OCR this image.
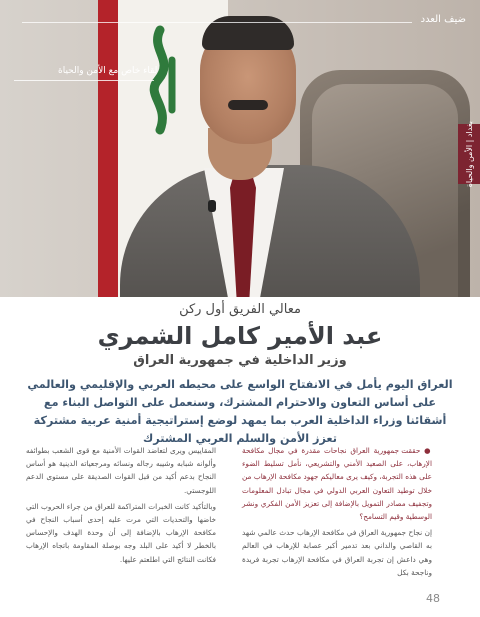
ضيف العدد
لقاء خاص مع الأمن والحياة
بغداد | الأمن والحياة
معالي الفريق أول ركن
عبد الأمير كامل الشمري
وزير الداخلية في جمهورية العراق
العراق اليوم يأمل في الانفتاح الواسع على محيطه العربي والإقليمي والعالمي على أساس التعاون والاحترام المشترك، وسنعمل على التواصل البناء مع أشقائنا وزراء الداخلية العرب بما يمهد لوضع إستراتيجية أمنية عربية مشتركة تعزز الأمن والسلم العربي المشترك

● حققت جمهورية العراق نجاحات مقدرة في مجال مكافحة الإرهاب، على الصعيد الأمني والتشريعي، نأمل تسليط الضوء على هذه التجربة، وكيف يرى معاليكم جهود مكافحة الإرهاب من خلال توطيد التعاون العربي الدولي في مجال تبادل المعلومات وتجفيف مصادر التمويل بالإضافة إلى تعزيز الأمن الفكري ونشر الوسطية وقيم التسامح؟

إن نجاح جمهورية العراق في مكافحة الإرهاب حدث عالمي شهد به القاصي والداني بعد تدمير أكبر عصابة للإرهاب في العالم وهي داعش إن تجربة العراق في مكافحة الإرهاب تجربة فريدة وناجحة بكل

المقاييس ويرى لتعاضد القوات الأمنية مع قوى الشعب بطوائفه وألوانه شبابه وشيبه رجاله ونسائه ومرجعياته الدينية هو أساس النجاح بدعم أكيد من قبل القوات الصديقة على مستوى الدعم اللوجستي.

وبالتأكيد كانت الخبرات المتراكمة للعراق من جراء الحروب التي خاضها والتحديات التي مرت عليه إحدى أسباب النجاح في مكافحة الإرهاب بالإضافة إلى أن وحدة الهدف والإحساس بالخطر لا أكيد على البلد وجه بوصلة المقاومة باتجاه الإرهاب فكانت النتائج التي اطلعتم عليها.

48
